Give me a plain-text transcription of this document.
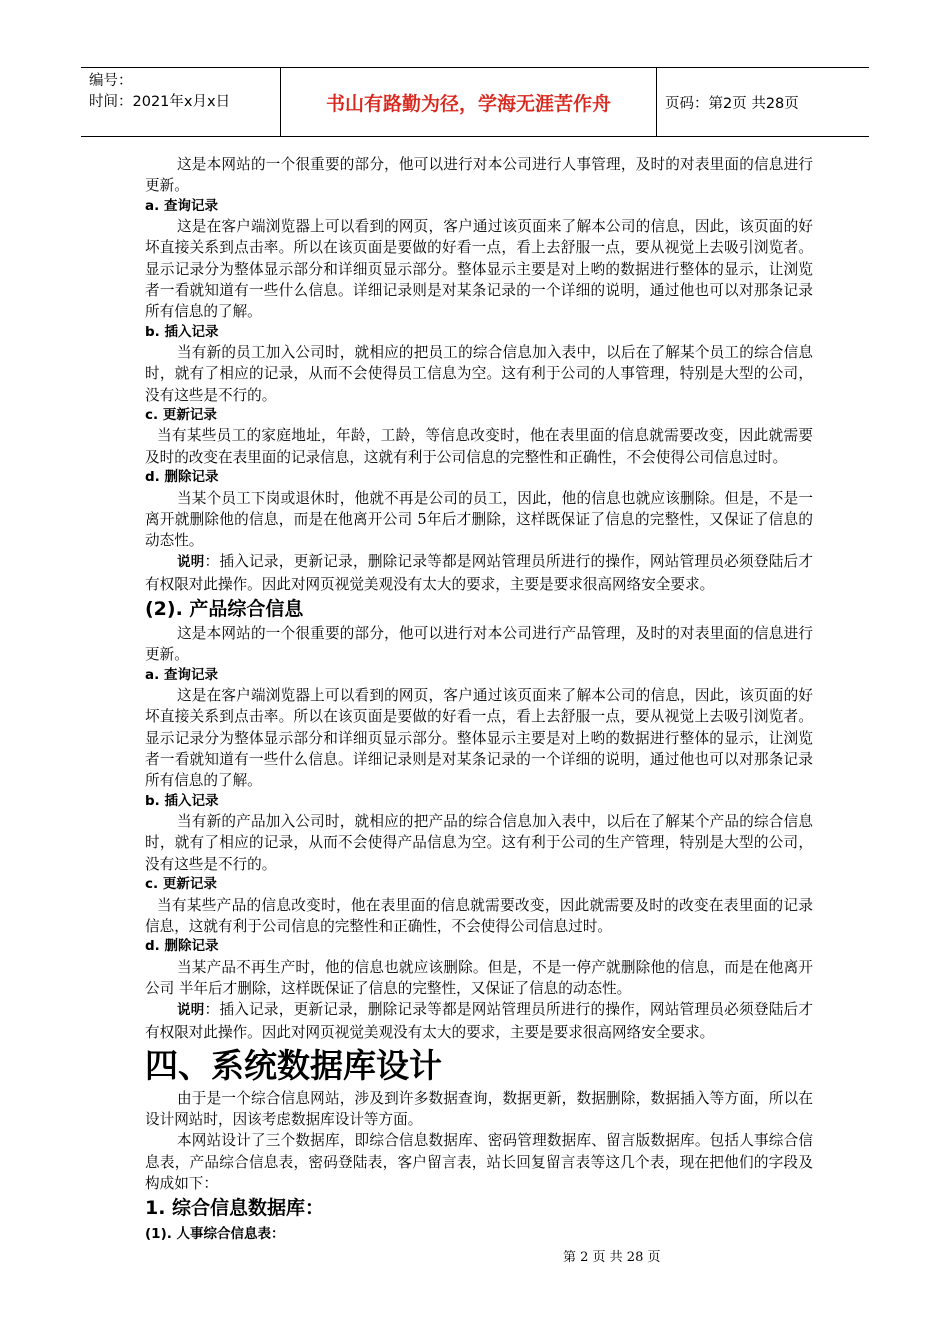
编号：
时间：2021年x月x日	书山有路勤为径，学海无涯苦作舟	页码：第2页 共28页

这是本网站的一个很重要的部分，他可以进行对本公司进行人事管理，及时的对表里面的信息进行更新。

a. 查询记录

这是在客户端浏览器上可以看到的网页，客户通过该页面来了解本公司的信息，因此，该页面的好坏直接关系到点击率。所以在该页面是要做的好看一点，看上去舒服一点，要从视觉上去吸引浏览者。显示记录分为整体显示部分和详细页显示部分。整体显示主要是对上哟的数据进行整体的显示，让浏览者一看就知道有一些什么信息。详细记录则是对某条记录的一个详细的说明，通过他也可以对那条记录所有信息的了解。

b. 插入记录

当有新的员工加入公司时，就相应的把员工的综合信息加入表中，以后在了解某个员工的综合信息时，就有了相应的记录，从而不会使得员工信息为空。这有利于公司的人事管理，特别是大型的公司，没有这些是不行的。

c. 更新记录

当有某些员工的家庭地址，年龄，工龄，等信息改变时，他在表里面的信息就需要改变，因此就需要及时的改变在表里面的记录信息，这就有利于公司信息的完整性和正确性，不会使得公司信息过时。

d. 删除记录

当某个员工下岗或退休时，他就不再是公司的员工，因此，他的信息也就应该删除。但是，不是一离开就删除他的信息，而是在他离开公司 5年后才删除，这样既保证了信息的完整性，又保证了信息的动态性。

说明：插入记录，更新记录，删除记录等都是网站管理员所进行的操作，网站管理员必须登陆后才有权限对此操作。因此对网页视觉美观没有太大的要求，主要是要求很高网络安全要求。

(2). 产品综合信息

这是本网站的一个很重要的部分，他可以进行对本公司进行产品管理，及时的对表里面的信息进行更新。

a. 查询记录

这是在客户端浏览器上可以看到的网页，客户通过该页面来了解本公司的信息，因此，该页面的好坏直接关系到点击率。所以在该页面是要做的好看一点，看上去舒服一点，要从视觉上去吸引浏览者。显示记录分为整体显示部分和详细页显示部分。整体显示主要是对上哟的数据进行整体的显示，让浏览者一看就知道有一些什么信息。详细记录则是对某条记录的一个详细的说明，通过他也可以对那条记录所有信息的了解。

b. 插入记录

当有新的产品加入公司时，就相应的把产品的综合信息加入表中，以后在了解某个产品的综合信息时，就有了相应的记录，从而不会使得产品信息为空。这有利于公司的生产管理，特别是大型的公司，没有这些是不行的。

c. 更新记录

当有某些产品的信息改变时，他在表里面的信息就需要改变，因此就需要及时的改变在表里面的记录信息，这就有利于公司信息的完整性和正确性，不会使得公司信息过时。

d. 删除记录

当某产品不再生产时，他的信息也就应该删除。但是，不是一停产就删除他的信息，而是在他离开公司 半年后才删除，这样既保证了信息的完整性，又保证了信息的动态性。

说明：插入记录，更新记录，删除记录等都是网站管理员所进行的操作，网站管理员必须登陆后才有权限对此操作。因此对网页视觉美观没有太大的要求，主要是要求很高网络安全要求。

四、系统数据库设计

由于是一个综合信息网站，涉及到许多数据查询，数据更新，数据删除，数据插入等方面，所以在设计网站时，因该考虑数据库设计等方面。

本网站设计了三个数据库，即综合信息数据库、密码管理数据库、留言版数据库。包括人事综合信息表，产品综合信息表，密码登陆表，客户留言表，站长回复留言表等这几个表，现在把他们的字段及构成如下：

1. 综合信息数据库：

(1). 人事综合信息表：

第 2 页 共 28 页
